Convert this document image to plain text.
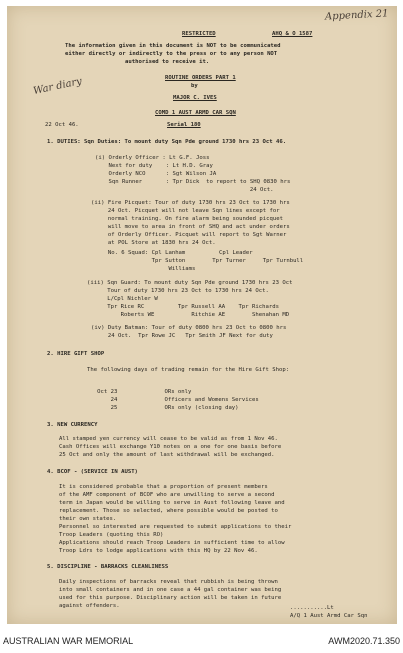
Appendix 21
War diary
RESTRICTED	AHQ & O 1587
The information given in this document is NOT to be communicated
either directly or indirectly to the press or to any person NOT
authorised to receive it.
ROUTINE ORDERS PART 1
by
MAJOR C. IVES
COMD 1 AUST ARMD CAR SQN
22 Oct 46.	Serial 180
1. DUTIES: Sqn Duties: To mount duty Sqn Pde ground 1730 hrs 23 Oct 46.
(i) Orderly Officer : Lt G.F. Joss
Next for duty    : Lt H.D. Gray
Orderly NCO      : Sgt Wilson JA
Sqn Runner       : Tpr Dick  to report to SHQ 0830 hrs
24 Oct.
(ii) Fire Picquet: Tour of duty 1730 hrs 23 Oct to 1730 hrs
24 Oct. Picquet will not leave Sqn lines except for
normal training. On fire alarm being sounded picquet
will move to area in front of SHQ and act under orders
of Orderly Officer. Picquet will report to Sgt Warner
at POL Store at 1830 hrs 24 Oct.
No. 6 Squad: Cpl Lanham          Cpl Leader
Tpr Sutton        Tpr Turner     Tpr Turnbull
Williams
(iii) Sqn Guard: To mount duty Sqn Pde ground 1730 hrs 23 Oct
Tour of duty 1730 hrs 23 Oct to 1730 hrs 24 Oct.
L/Cpl Nichler W
Tpr Rice RC          Tpr Russell AA    Tpr Richards
Roberts WE           Ritchie AE        Shenahan MD
(iv) Duty Batman: Tour of duty 0800 hrs 23 Oct to 0800 hrs
24 Oct.  Tpr Rowe JC   Tpr Smith JF Next for duty
2. HIRE GIFT SHOP
The following days of trading remain for the Hire Gift Shop:
Oct 23              ORs only
24              Officers and Womens Services
25              ORs only (closing day)
3. NEW CURRENCY
All stamped yen currency will cease to be valid as from 1 Nov 46.
Cash Offices will exchange Y10 notes on a one for one basis before
25 Oct and only the amount of last withdrawal will be exchanged.
4. BCOF - (SERVICE IN AUST)
It is considered probable that a proportion of present members
of the AMF component of BCOF who are unwilling to serve a second
term in Japan would be willing to serve in Aust following leave and
replacement. Those so selected, where possible would be posted to
their own states.
Personnel so interested are requested to submit applications to their
Troop Leaders (quoting this RO)
Applications should reach Troop Leaders in sufficient time to allow
Troop Ldrs to lodge applications with this HQ by 22 Nov 46.
5. DISCIPLINE - BARRACKS CLEANLINESS
Daily inspections of barracks reveal that rubbish is being thrown
into small containers and in one case a 44 gal container was being
used for this purpose. Disciplinary action will be taken in future
against offenders.	...........Lt
A/Q 1 Aust Armd Car Sqn
AUSTRALIAN WAR MEMORIAL	AWM2020.71.350
